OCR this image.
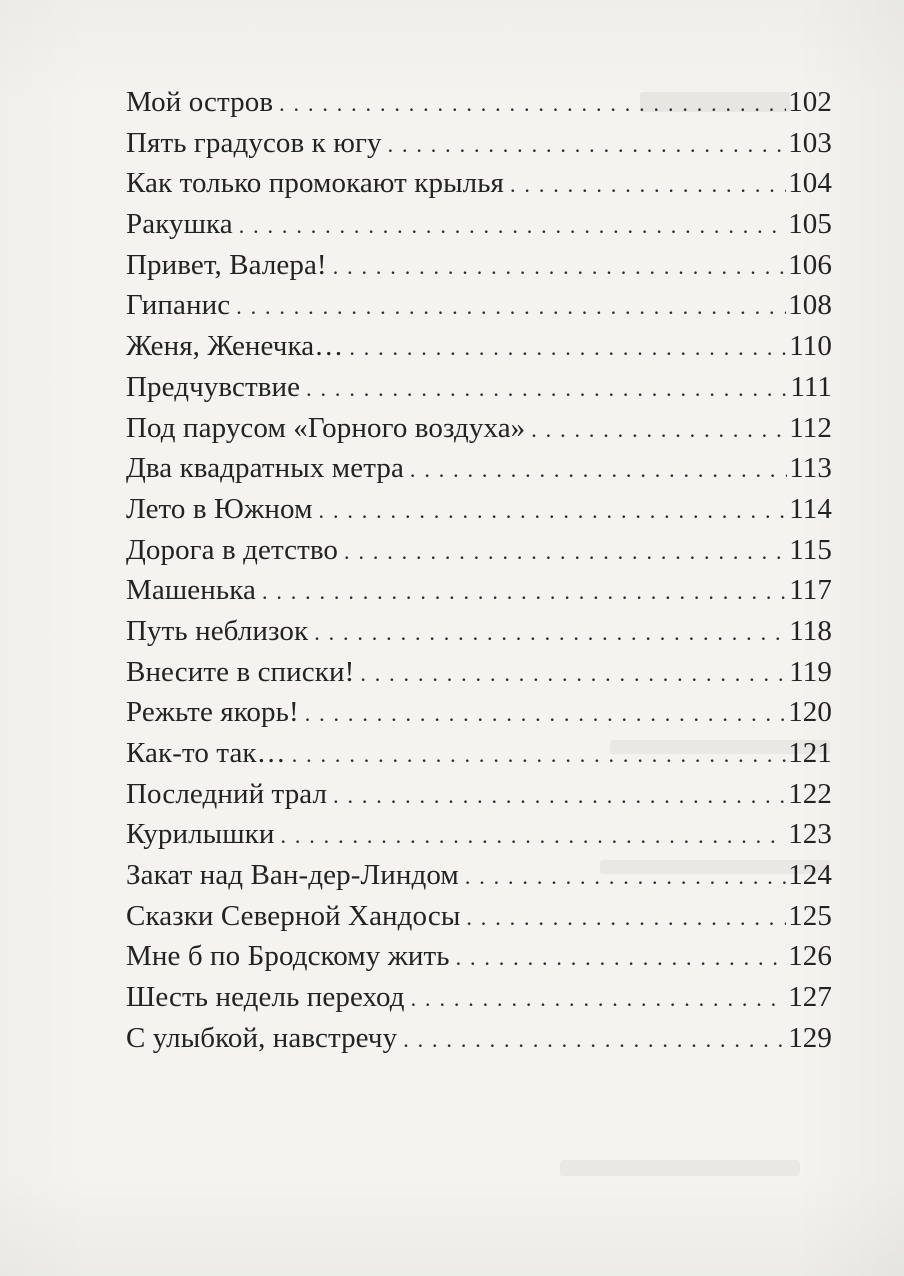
Мой остров . . .	102
Пять градусов к югу . . .	103
Как только промокают крылья . . .	104
Ракушка . . .	105
Привет, Валера! . . .	106
Гипанис . . .	108
Женя, Женечка… . . .	110
Предчувствие . . .	111
Под парусом «Горного воздуха» . . .	112
Два квадратных метра . . .	113
Лето в Южном . . .	114
Дорога в детство . . .	115
Машенька . . .	117
Путь неблизок . . .	118
Внесите в списки! . . .	119
Режьте якорь! . . .	120
Как-то так… . . .	121
Последний трал . . .	122
Курилышки . . .	123
Закат над Ван-дер-Линдом . . .	124
Сказки Северной Хандосы . . .	125
Мне б по Бродскому жить . . .	126
Шесть недель переход . . .	127
С улыбкой, навстречу . . .	129
